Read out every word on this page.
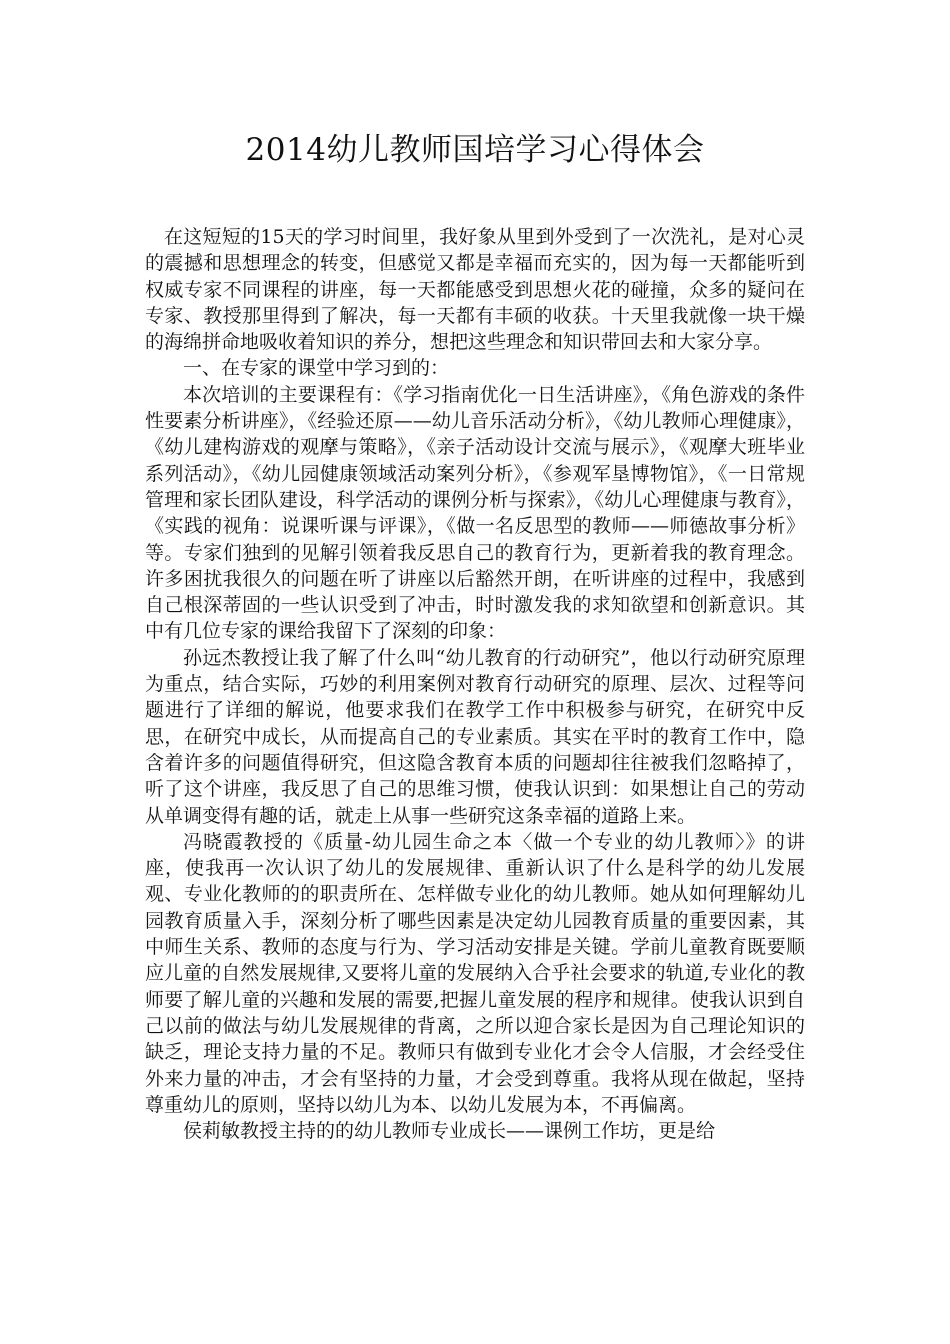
2014幼儿教师国培学习心得体会

在这短短的15天的学习时间里，我好象从里到外受到了一次洗礼，是对心灵的震撼和思想理念的转变，但感觉又都是幸福而充实的，因为每一天都能听到权威专家不同课程的讲座，每一天都能感受到思想火花的碰撞，众多的疑问在专家、教授那里得到了解决，每一天都有丰硕的收获。十天里我就像一块干燥的海绵拼命地吸收着知识的养分，想把这些理念和知识带回去和大家分享。

一、在专家的课堂中学习到的：

本次培训的主要课程有：《学习指南优化一日生活讲座》，《角色游戏的条件性要素分析讲座》，《经验还原——幼儿音乐活动分析》，《幼儿教师心理健康》，《幼儿建构游戏的观摩与策略》，《亲子活动设计交流与展示》，《观摩大班毕业系列活动》，《幼儿园健康领域活动案列分析》，《参观军垦博物馆》，《一日常规管理和家长团队建设，科学活动的课例分析与探索》，《幼儿心理健康与教育》，《实践的视角：说课听课与评课》，《做一名反思型的教师——师德故事分析》等。专家们独到的见解引领着我反思自己的教育行为，更新着我的教育理念。许多困扰我很久的问题在听了讲座以后豁然开朗，在听讲座的过程中，我感到自己根深蒂固的一些认识受到了冲击，时时激发我的求知欲望和创新意识。其中有几位专家的课给我留下了深刻的印象：

孙远杰教授让我了解了什么叫“幼儿教育的行动研究”，他以行动研究原理为重点，结合实际，巧妙的利用案例对教育行动研究的原理、层次、过程等问题进行了详细的解说，他要求我们在教学工作中积极参与研究，在研究中反思，在研究中成长，从而提高自己的专业素质。其实在平时的教育工作中，隐含着许多的问题值得研究，但这隐含教育本质的问题却往往被我们忽略掉了，听了这个讲座，我反思了自己的思维习惯，使我认识到：如果想让自己的劳动从单调变得有趣的话，就走上从事一些研究这条幸福的道路上来。

冯晓霞教授的《质量-幼儿园生命之本〈做一个专业的幼儿教师〉》的讲座，使我再一次认识了幼儿的发展规律、重新认识了什么是科学的幼儿发展观、专业化教师的的职责所在、怎样做专业化的幼儿教师。她从如何理解幼儿园教育质量入手，深刻分析了哪些因素是决定幼儿园教育质量的重要因素，其中师生关系、教师的态度与行为、学习活动安排是关键。学前儿童教育既要顺应儿童的自然发展规律,又要将儿童的发展纳入合乎社会要求的轨道,专业化的教师要了解儿童的兴趣和发展的需要,把握儿童发展的程序和规律。使我认识到自己以前的做法与幼儿发展规律的背离，之所以迎合家长是因为自己理论知识的缺乏，理论支持力量的不足。教师只有做到专业化才会令人信服，才会经受住外来力量的冲击，才会有坚持的力量，才会受到尊重。我将从现在做起，坚持尊重幼儿的原则，坚持以幼儿为本、以幼儿发展为本，不再偏离。

侯莉敏教授主持的的幼儿教师专业成长——课例工作坊，更是给
